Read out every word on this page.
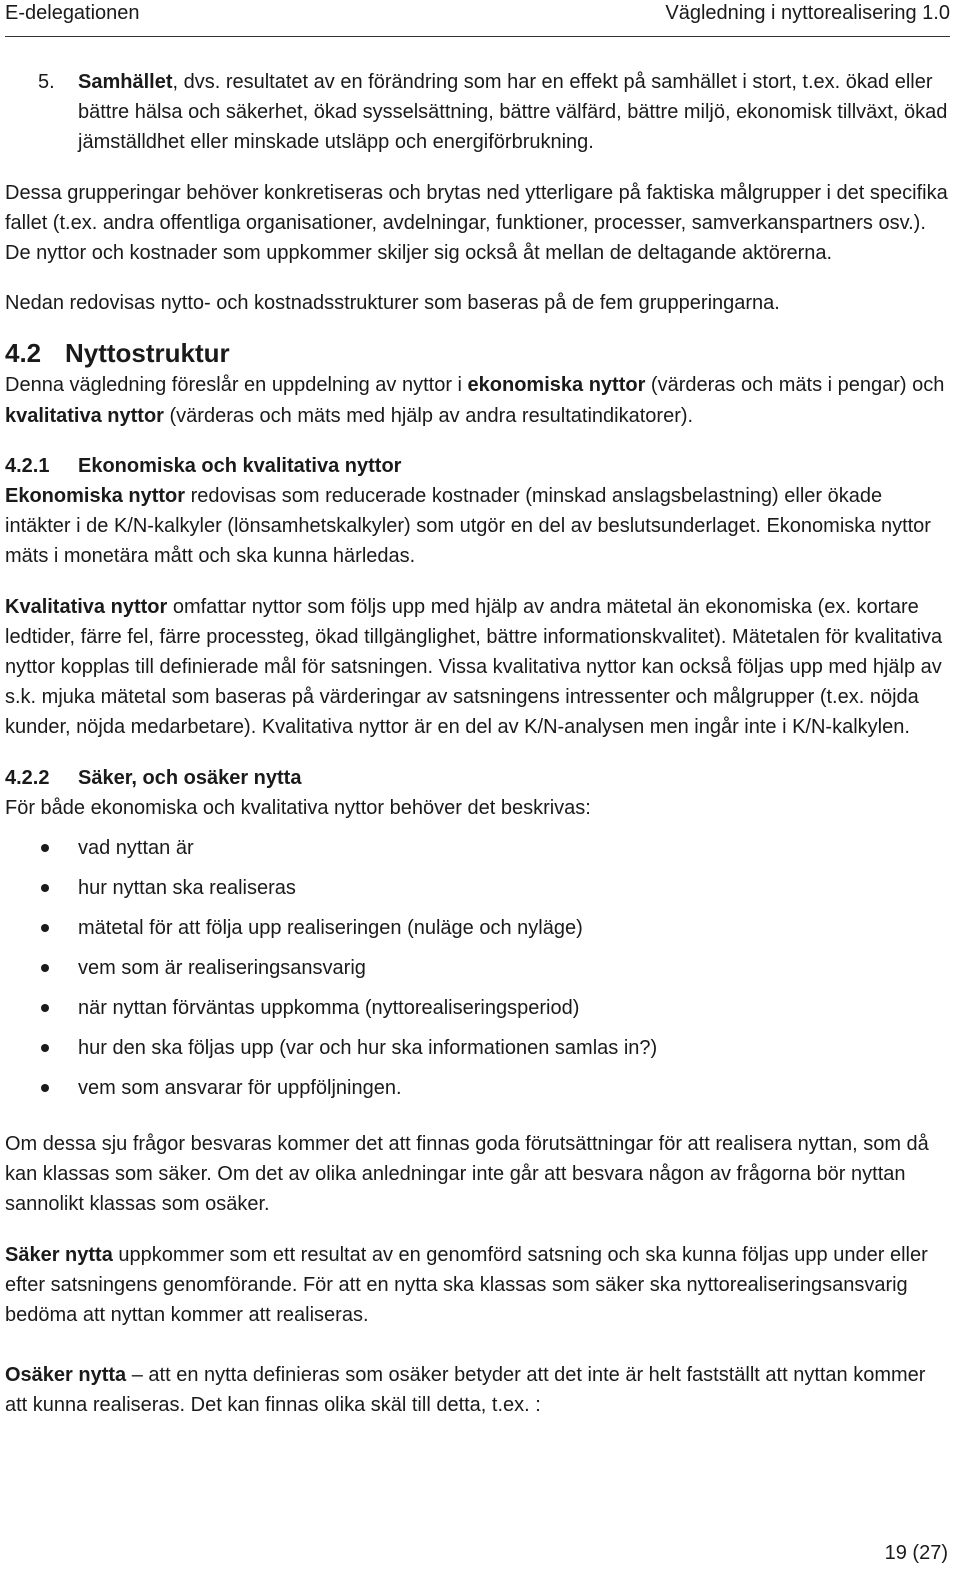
E-delegationen	Vägledning i nyttorealisering 1.0
5. Samhället, dvs. resultatet av en förändring som har en effekt på samhället i stort, t.ex. ökad eller bättre hälsa och säkerhet, ökad sysselsättning, bättre välfärd, bättre miljö, ekonomisk tillväxt, ökad jämställdhet eller minskade utsläpp och energiförbrukning.

Dessa grupperingar behöver konkretiseras och brytas ned ytterligare på faktiska målgrupper i det specifika fallet (t.ex. andra offentliga organisationer, avdelningar, funktioner, processer, samverkanspartners osv.). De nyttor och kostnader som uppkommer skiljer sig också åt mellan de deltagande aktörerna.

Nedan redovisas nytto- och kostnadsstrukturer som baseras på de fem grupperingarna.

4.2 Nyttostruktur

Denna vägledning föreslår en uppdelning av nyttor i ekonomiska nyttor (värderas och mäts i pengar) och kvalitativa nyttor (värderas och mäts med hjälp av andra resultatindikatorer).

4.2.1 Ekonomiska och kvalitativa nyttor

Ekonomiska nyttor redovisas som reducerade kostnader (minskad anslagsbelastning) eller ökade intäkter i de K/N-kalkyler (lönsamhetskalkyler) som utgör en del av beslutsunderlaget. Ekonomiska nyttor mäts i monetära mått och ska kunna härledas.

Kvalitativa nyttor omfattar nyttor som följs upp med hjälp av andra mätetal än ekonomiska (ex. kortare ledtider, färre fel, färre processteg, ökad tillgänglighet, bättre informationskvalitet). Mätetalen för kvalitativa nyttor kopplas till definierade mål för satsningen. Vissa kvalitativa nyttor kan också följas upp med hjälp av s.k. mjuka mätetal som baseras på värderingar av satsningens intressenter och målgrupper (t.ex. nöjda kunder, nöjda medarbetare). Kvalitativa nyttor är en del av K/N-analysen men ingår inte i K/N-kalkylen.

4.2.2 Säker, och osäker nytta

För både ekonomiska och kvalitativa nyttor behöver det beskrivas:

vad nyttan är
hur nyttan ska realiseras
mätetal för att följa upp realiseringen (nuläge och nyläge)
vem som är realiseringsansvarig
när nyttan förväntas uppkomma (nyttorealiseringsperiod)
hur den ska följas upp (var och hur ska informationen samlas in?)
vem som ansvarar för uppföljningen.

Om dessa sju frågor besvaras kommer det att finnas goda förutsättningar för att realisera nyttan, som då kan klassas som säker. Om det av olika anledningar inte går att besvara någon av frågorna bör nyttan sannolikt klassas som osäker.

Säker nytta uppkommer som ett resultat av en genomförd satsning och ska kunna följas upp under eller efter satsningens genomförande. För att en nytta ska klassas som säker ska nyttorealiseringsansvarig bedöma att nyttan kommer att realiseras.

Osäker nytta – att en nytta definieras som osäker betyder att det inte är helt fastställt att nyttan kommer att kunna realiseras. Det kan finnas olika skäl till detta, t.ex. :

19 (27)
